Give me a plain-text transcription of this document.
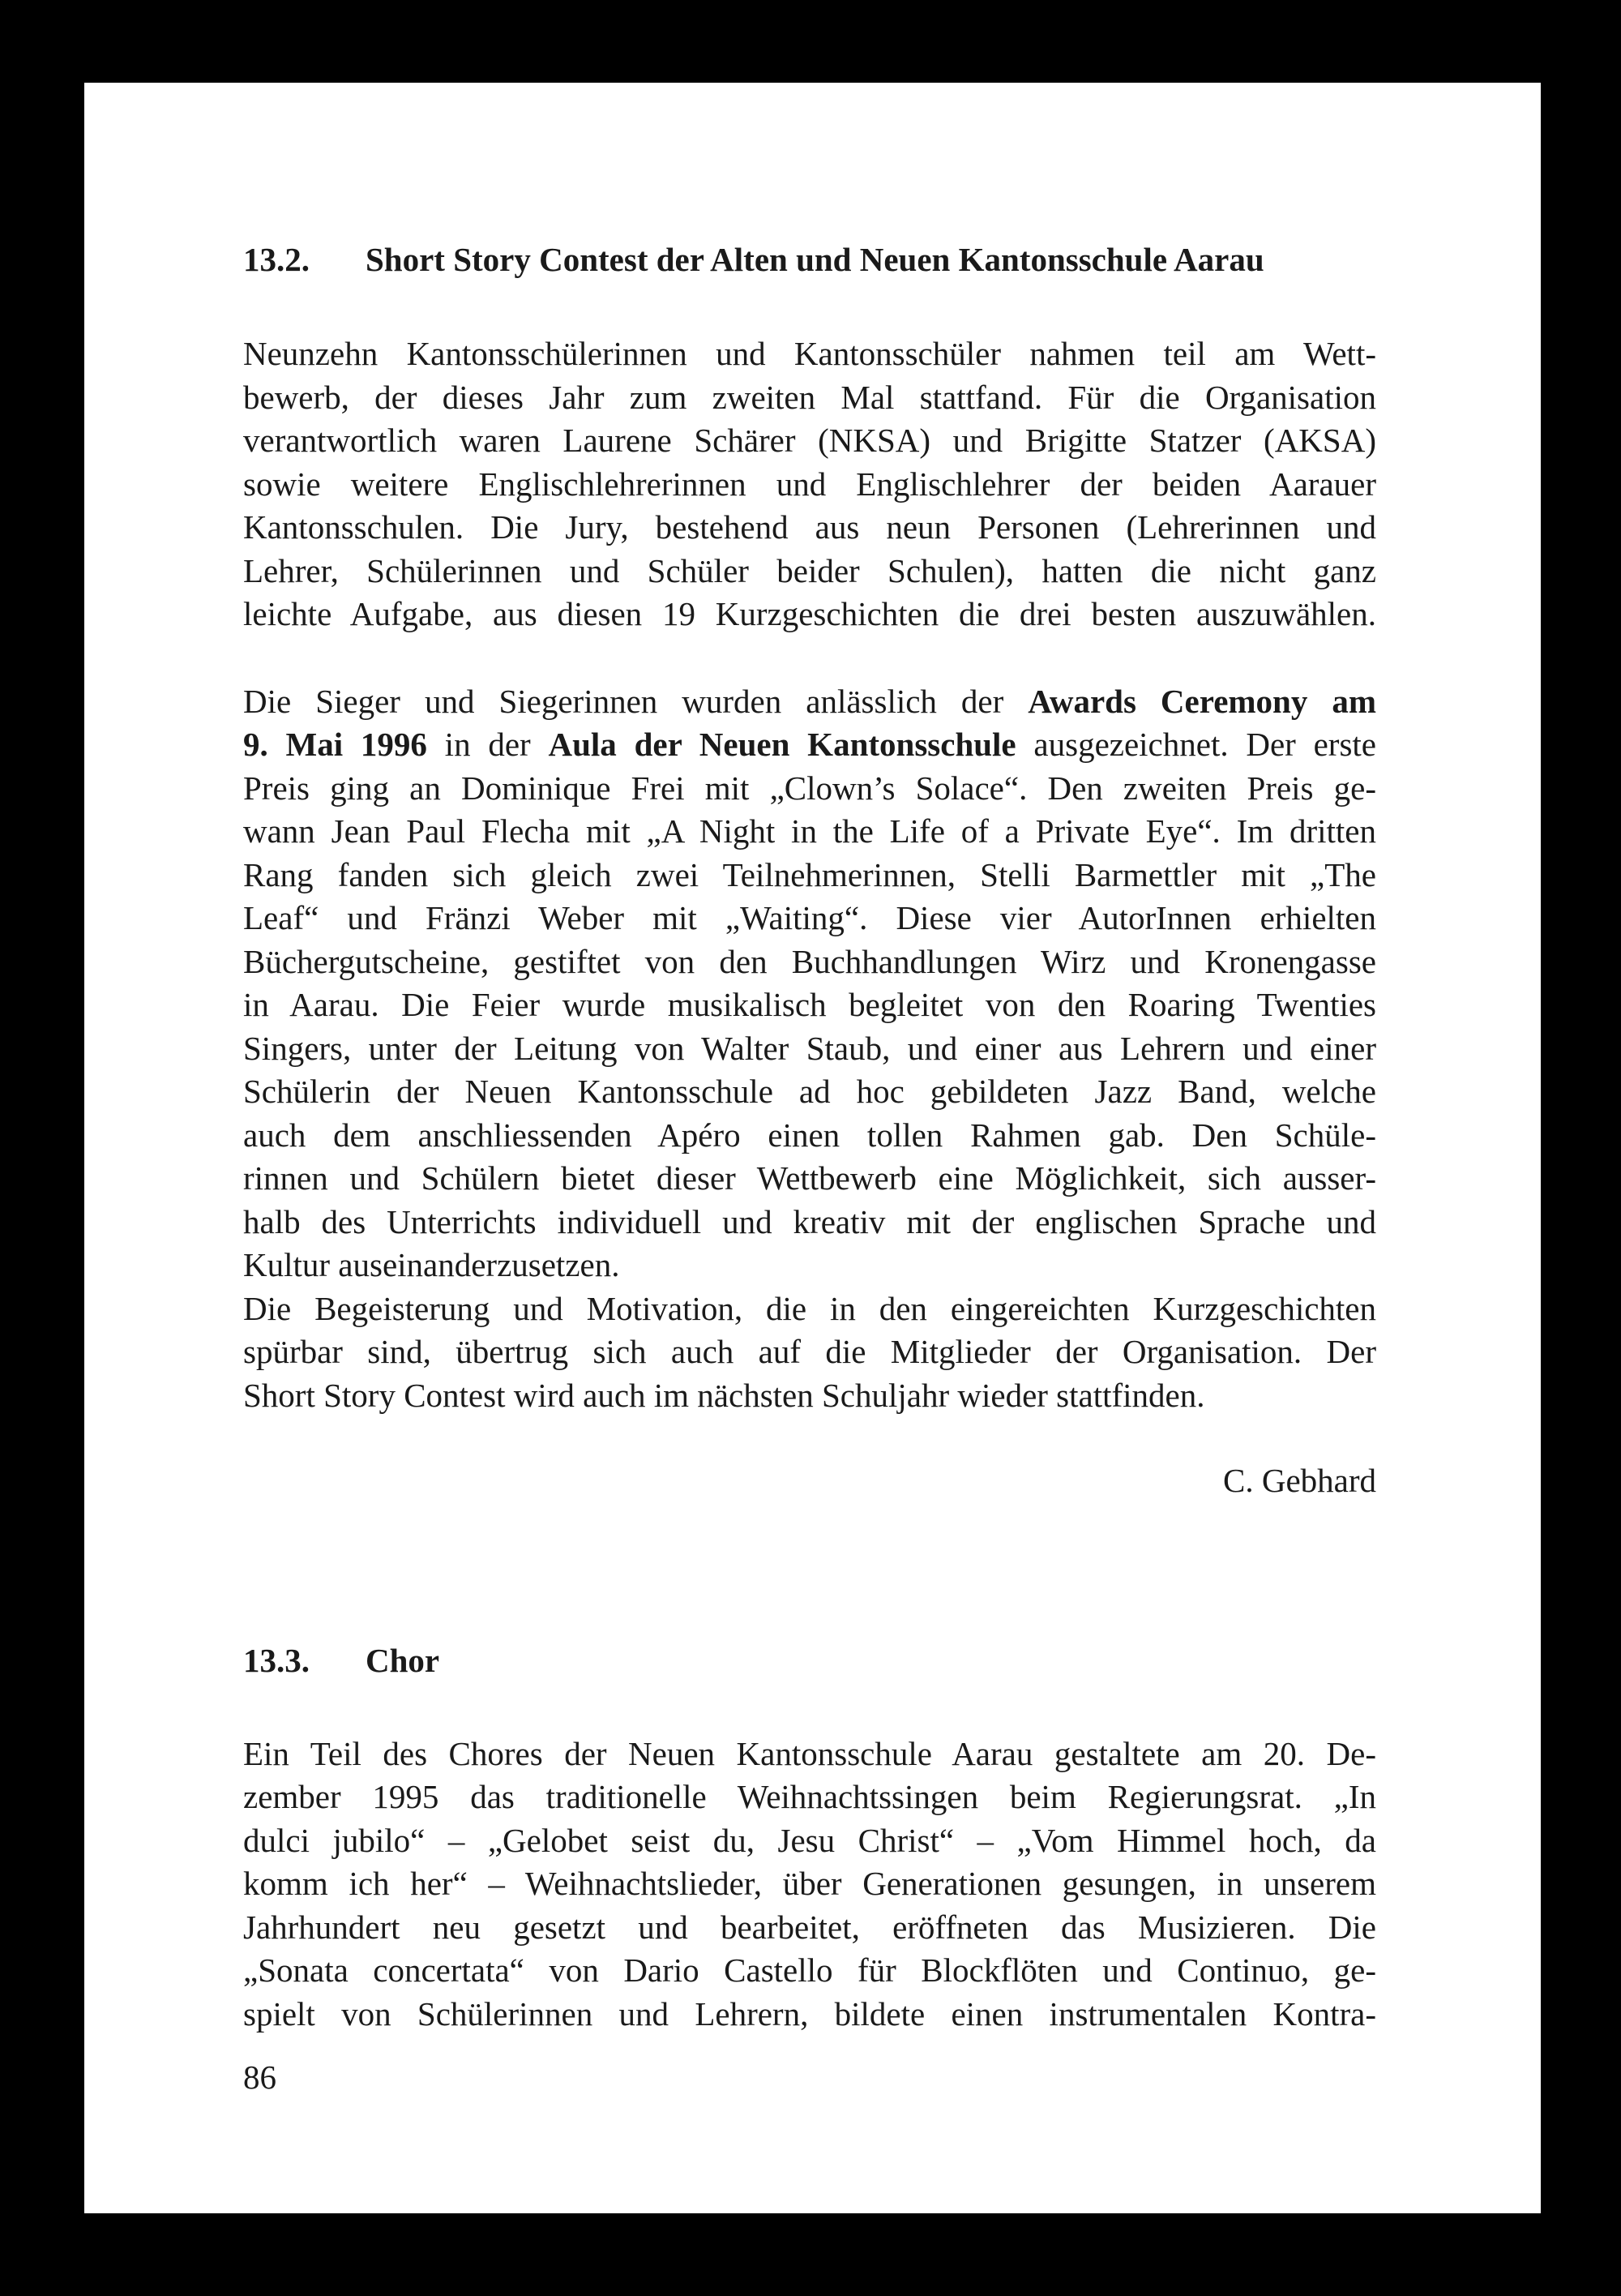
13.2.	Short Story Contest der Alten und Neuen Kantonsschule Aarau

Neunzehn Kantonsschülerinnen und Kantonsschüler nahmen teil am Wett-
bewerb, der dieses Jahr zum zweiten Mal stattfand. Für die Organisation
verantwortlich waren Laurene Schärer (NKSA) und Brigitte Statzer (AKSA)
sowie weitere Englischlehrerinnen und Englischlehrer der beiden Aarauer
Kantonsschulen. Die Jury, bestehend aus neun Personen (Lehrerinnen und
Lehrer, Schülerinnen und Schüler beider Schulen), hatten die nicht ganz
leichte Aufgabe, aus diesen 19 Kurzgeschichten die drei besten auszuwählen.

Die Sieger und Siegerinnen wurden anlässlich der Awards Ceremony am
9. Mai 1996 in der Aula der Neuen Kantonsschule ausgezeichnet. Der erste
Preis ging an Dominique Frei mit „Clown’s Solace“. Den zweiten Preis ge-
wann Jean Paul Flecha mit „A Night in the Life of a Private Eye“. Im dritten
Rang fanden sich gleich zwei Teilnehmerinnen, Stelli Barmettler mit „The
Leaf“ und Fränzi Weber mit „Waiting“. Diese vier AutorInnen erhielten
Büchergutscheine, gestiftet von den Buchhandlungen Wirz und Kronengasse
in Aarau. Die Feier wurde musikalisch begleitet von den Roaring Twenties
Singers, unter der Leitung von Walter Staub, und einer aus Lehrern und einer
Schülerin der Neuen Kantonsschule ad hoc gebildeten Jazz Band, welche
auch dem anschliessenden Apéro einen tollen Rahmen gab. Den Schüle-
rinnen und Schülern bietet dieser Wettbewerb eine Möglichkeit, sich ausser-
halb des Unterrichts individuell und kreativ mit der englischen Sprache und
Kultur auseinanderzusetzen.

Die Begeisterung und Motivation, die in den eingereichten Kurzgeschichten
spürbar sind, übertrug sich auch auf die Mitglieder der Organisation. Der
Short Story Contest wird auch im nächsten Schuljahr wieder stattfinden.

C. Gebhard

13.3.	Chor

Ein Teil des Chores der Neuen Kantonsschule Aarau gestaltete am 20. De-
zember 1995 das traditionelle Weihnachtssingen beim Regierungsrat. „In
dulci jubilo“ – „Gelobet seist du, Jesu Christ“ – „Vom Himmel hoch, da
komm ich her“ – Weihnachtslieder, über Generationen gesungen, in unserem
Jahrhundert neu gesetzt und bearbeitet, eröffneten das Musizieren. Die
„Sonata concertata“ von Dario Castello für Blockflöten und Continuo, ge-
spielt von Schülerinnen und Lehrern, bildete einen instrumentalen Kontra-

86
